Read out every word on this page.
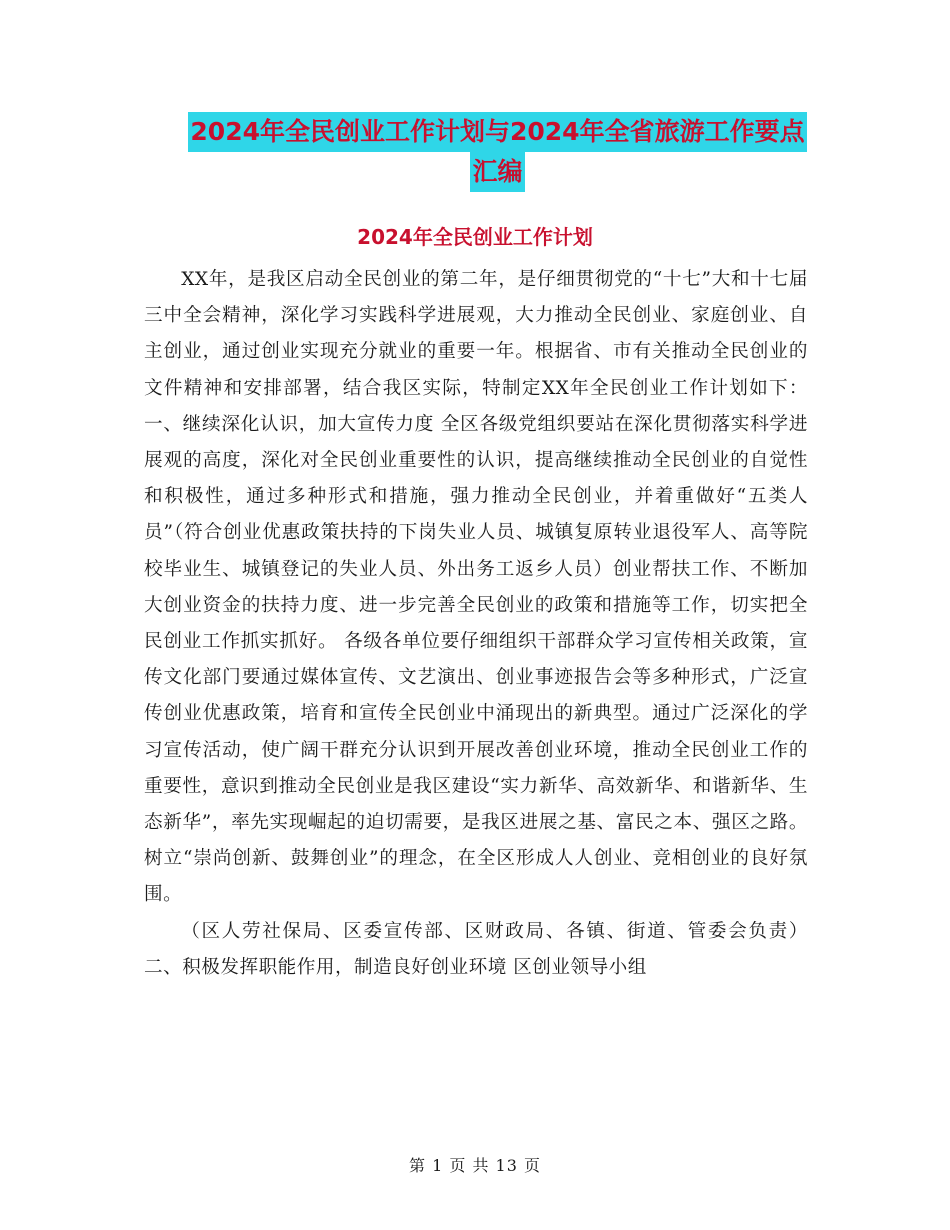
2024年全民创业工作计划与2024年全省旅游工作要点
汇编
2024年全民创业工作计划

XX年，是我区启动全民创业的第二年，是仔细贯彻党的“十七”大和十七届三中全会精神，深化学习实践科学进展观，大力推动全民创业、家庭创业、自主创业，通过创业实现充分就业的重要一年。根据省、市有关推动全民创业的文件精神和安排部署，结合我区实际，特制定XX年全民创业工作计划如下： 一、继续深化认识，加大宣传力度 全区各级党组织要站在深化贯彻落实科学进展观的高度，深化对全民创业重要性的认识，提高继续推动全民创业的自觉性和积极性，通过多种形式和措施，强力推动全民创业，并着重做好“五类人员”（符合创业优惠政策扶持的下岗失业人员、城镇复原转业退役军人、高等院校毕业生、城镇登记的失业人员、外出务工返乡人员）创业帮扶工作、不断加大创业资金的扶持力度、进一步完善全民创业的政策和措施等工作，切实把全民创业工作抓实抓好。 各级各单位要仔细组织干部群众学习宣传相关政策，宣传文化部门要通过媒体宣传、文艺演出、创业事迹报告会等多种形式，广泛宣传创业优惠政策，培育和宣传全民创业中涌现出的新典型。通过广泛深化的学习宣传活动，使广阔干群充分认识到开展改善创业环境，推动全民创业工作的重要性，意识到推动全民创业是我区建设“实力新华、高效新华、和谐新华、生态新华”，率先实现崛起的迫切需要，是我区进展之基、富民之本、强区之路。树立“崇尚创新、鼓舞创业”的理念，在全区形成人人创业、竞相创业的良好氛围。

（区人劳社保局、区委宣传部、区财政局、各镇、街道、管委会负责） 二、积极发挥职能作用，制造良好创业环境 区创业领导小组

第 1 页 共 13 页
